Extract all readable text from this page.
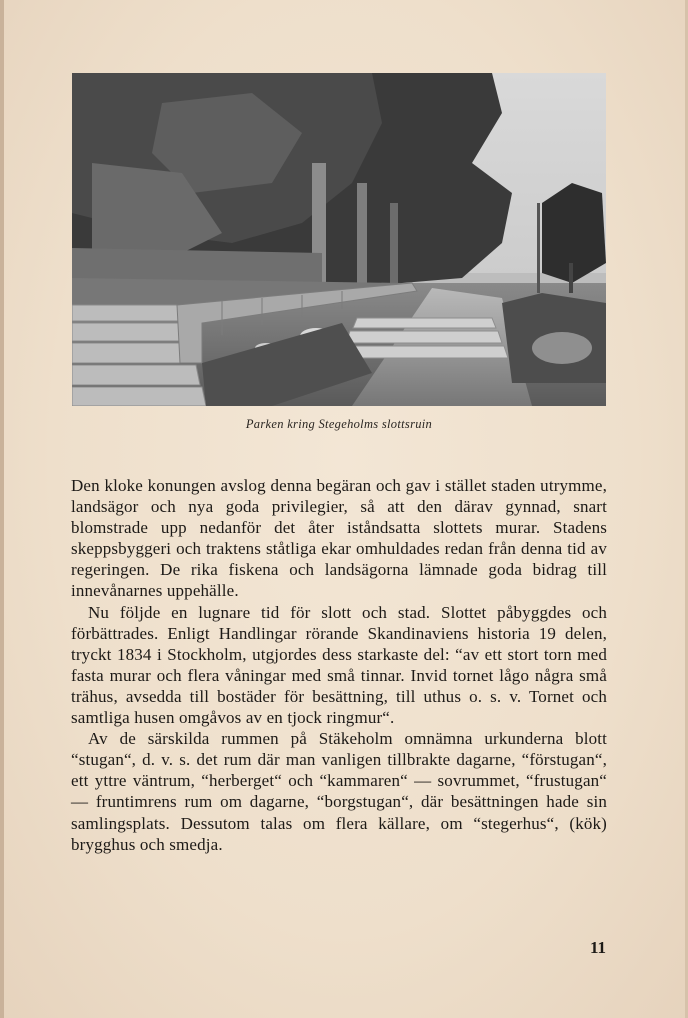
Parken kring Stegeholms slottsruin

Den kloke konungen avslog denna begäran och gav i stället staden utrymme, landsägor och nya goda privilegier, så att den därav gynnad, snart blomstrade upp nedanför det åter iståndsatta slottets murar. Stadens skeppsbyggeri och traktens ståtliga ekar omhuldades redan från denna tid av regeringen. De rika fiskena och landsägorna lämnade goda bidrag till innevånarnes uppehälle.

Nu följde en lugnare tid för slott och stad. Slottet påbyggdes och förbättrades. Enligt Handlingar rörande Skandinaviens historia 19 delen, tryckt 1834 i Stockholm, utgjordes dess starkaste del: “av ett stort torn med fasta murar och flera våningar med små tinnar. Invid tornet lågo några små trähus, avsedda till bostäder för besättning, till uthus o. s. v. Tornet och samtliga husen omgåvos av en tjock ringmur“.

Av de särskilda rummen på Stäkeholm omnämna urkunderna blott “stugan“, d. v. s. det rum där man vanligen tillbrakte dagarne, “förstugan“, ett yttre väntrum, “herberget“ och “kammaren“ — sovrummet, “frustugan“ — fruntimrens rum om dagarne, “borgstugan“, där besättningen hade sin samlingsplats. Dessutom talas om flera källare, om “stegerhus“, (kök) brygghus och smedja.

11
